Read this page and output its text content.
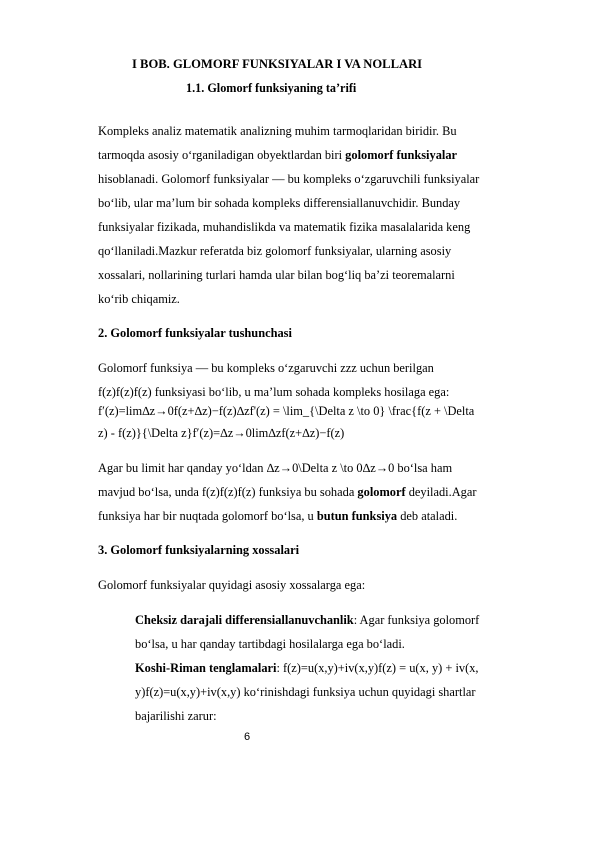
I BOB. GLOMORF FUNKSIYALAR I VA NOLLARI
1.1. Glomorf funksiyaning ta’rifi
Kompleks analiz matematik analizning muhim tarmoqlaridan biridir. Bu
tarmoqda asosiy o‘rganiladigan obyektlardan biri golomorf funksiyalar
hisoblanadi. Golomorf funksiyalar — bu kompleks o‘zgaruvchili funksiyalar
bo‘lib, ular ma’lum bir sohada kompleks differensiallanuvchidir. Bunday
funksiyalar fizikada, muhandislikda va matematik fizika masalalarida keng
qo‘llaniladi.Mazkur referatda biz golomorf funksiyalar, ularning asosiy
xossalari, nollarining turlari hamda ular bilan bog‘liq ba’zi teoremalarni
ko‘rib chiqamiz.
2. Golomorf funksiyalar tushunchasi
Golomorf funksiya — bu kompleks o‘zgaruvchi zzz uchun berilgan
f(z)f(z)f(z) funksiyasi bo‘lib, u ma’lum sohada kompleks hosilaga ega:
f′(z)=lim∆z→0f(z+∆z)−f(z)∆zf'(z) = \lim_{\Delta z \to 0} \frac{f(z + \Delta
z) - f(z)}{\Delta z}f′(z)=∆z→0lim∆zf(z+∆z)−f(z)
Agar bu limit har qanday yo‘ldan ∆z→0\Delta z \to 0∆z→0 bo‘lsa ham
mavjud bo‘lsa, unda f(z)f(z)f(z) funksiya bu sohada golomorf deyiladi.Agar
funksiya har bir nuqtada golomorf bo‘lsa, u butun funksiya deb ataladi.
3. Golomorf funksiyalarning xossalari
Golomorf funksiyalar quyidagi asosiy xossalarga ega:
Cheksiz darajali differensiallanuvchanlik: Agar funksiya golomorf
bo‘lsa, u har qanday tartibdagi hosilalarga ega bo‘ladi.
Koshi-Riman tenglamalari: f(z)=u(x,y)+iv(x,y)f(z) = u(x, y) + iv(x,
y)f(z)=u(x,y)+iv(x,y) ko‘rinishdagi funksiya uchun quyidagi shartlar
bajarilishi zarur:
6
